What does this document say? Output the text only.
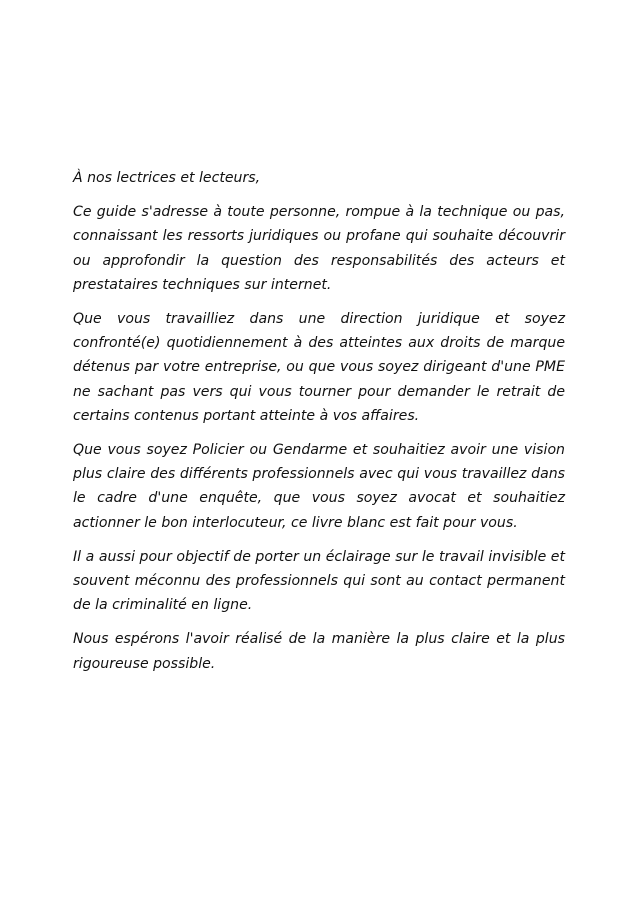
À nos lectrices et lecteurs,

Ce guide s'adresse à toute personne, rompue à la technique ou pas, connaissant les ressorts juridiques ou profane qui souhaite découvrir ou approfondir la question des responsabilités des acteurs et prestataires techniques sur internet.

Que vous travailliez dans une direction juridique et soyez confronté(e) quotidiennement à des atteintes aux droits de marque détenus par votre entreprise, ou que vous soyez dirigeant d'une PME ne sachant pas vers qui vous tourner pour demander le retrait de certains contenus portant atteinte à vos affaires.

Que vous soyez Policier ou Gendarme et souhaitiez avoir une vision plus claire des différents professionnels avec qui vous travaillez dans le cadre d'une enquête, que vous soyez avocat et souhaitiez actionner le bon interlocuteur, ce livre blanc est fait pour vous.

Il a aussi pour objectif de porter un éclairage sur le travail invisible et souvent méconnu des professionnels qui sont au contact permanent de la criminalité en ligne.

Nous espérons l'avoir réalisé de la manière la plus claire et la plus rigoureuse possible.
